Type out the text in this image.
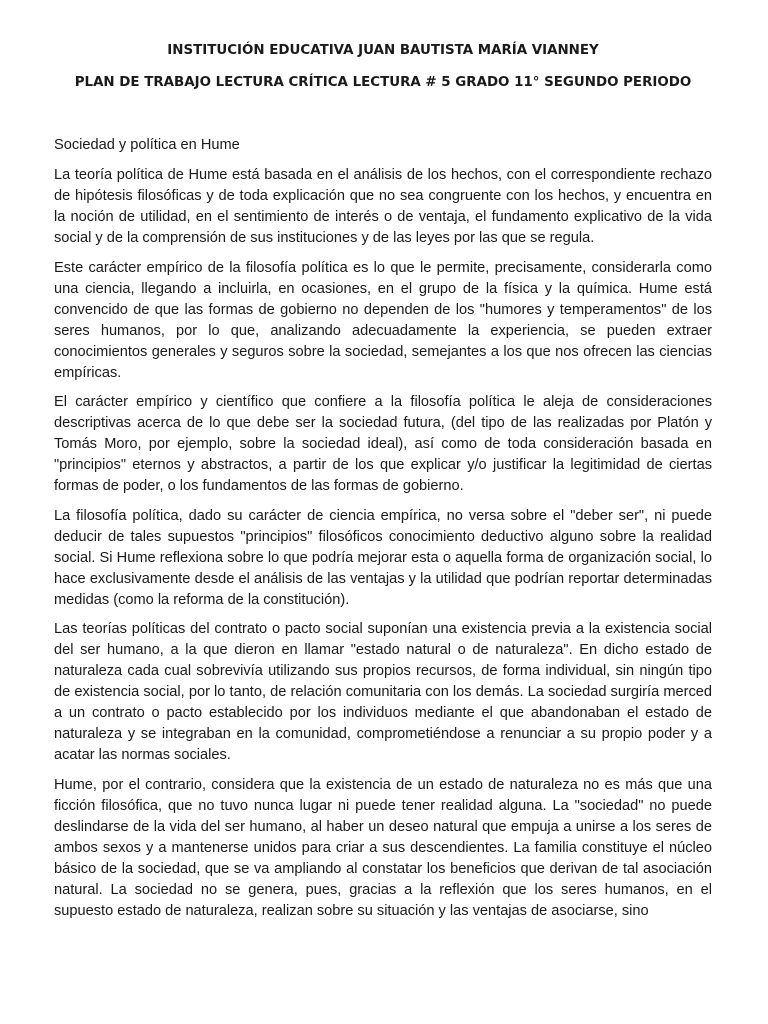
INSTITUCIÓN EDUCATIVA JUAN BAUTISTA MARÍA VIANNEY

PLAN DE TRABAJO LECTURA CRÍTICA LECTURA # 5 GRADO 11° SEGUNDO PERIODO

Sociedad y política en Hume

La teoría política de Hume está basada en el análisis de los hechos, con el correspondiente rechazo de hipótesis filosóficas y de toda explicación que no sea congruente con los hechos, y encuentra en la noción de utilidad, en el sentimiento de interés o de ventaja, el fundamento explicativo de la vida social y de la comprensión de sus instituciones y de las leyes por las que se regula.

Este carácter empírico de la filosofía política es lo que le permite, precisamente, considerarla como una ciencia, llegando a incluirla, en ocasiones, en el grupo de la física y la química. Hume está convencido de que las formas de gobierno no dependen de los "humores y temperamentos" de los seres humanos, por lo que, analizando adecuadamente la experiencia, se pueden extraer conocimientos generales y seguros sobre la sociedad, semejantes a los que nos ofrecen las ciencias empíricas.

El carácter empírico y científico que confiere a la filosofía política le aleja de consideraciones descriptivas acerca de lo que debe ser la sociedad futura, (del tipo de las realizadas por Platón y Tomás Moro, por ejemplo, sobre la sociedad ideal), así como de toda consideración basada en "principios" eternos y abstractos, a partir de los que explicar y/o justificar la legitimidad de ciertas formas de poder, o los fundamentos de las formas de gobierno.

La filosofía política, dado su carácter de ciencia empírica, no versa sobre el "deber ser", ni puede deducir de tales supuestos "principios" filosóficos conocimiento deductivo alguno sobre la realidad social. Si Hume reflexiona sobre lo que podría mejorar esta o aquella forma de organización social, lo hace exclusivamente desde el análisis de las ventajas y la utilidad que podrían reportar determinadas medidas (como la reforma de la constitución).

Las teorías políticas del contrato o pacto social suponían una existencia previa a la existencia social del ser humano, a la que dieron en llamar "estado natural o de naturaleza". En dicho estado de naturaleza cada cual sobrevivía utilizando sus propios recursos, de forma individual, sin ningún tipo de existencia social, por lo tanto, de relación comunitaria con los demás. La sociedad surgiría merced a un contrato o pacto establecido por los individuos mediante el que abandonaban el estado de naturaleza y se integraban en la comunidad, comprometiéndose a renunciar a su propio poder y a acatar las normas sociales.

Hume, por el contrario, considera que la existencia de un estado de naturaleza no es más que una ficción filosófica, que no tuvo nunca lugar ni puede tener realidad alguna. La "sociedad" no puede deslindarse de la vida del ser humano, al haber un deseo natural que empuja a unirse a los seres de ambos sexos y a mantenerse unidos para criar a sus descendientes. La familia constituye el núcleo básico de la sociedad, que se va ampliando al constatar los beneficios que derivan de tal asociación natural. La sociedad no se genera, pues, gracias a la reflexión que los seres humanos, en el supuesto estado de naturaleza, realizan sobre su situación y las ventajas de asociarse, sino
